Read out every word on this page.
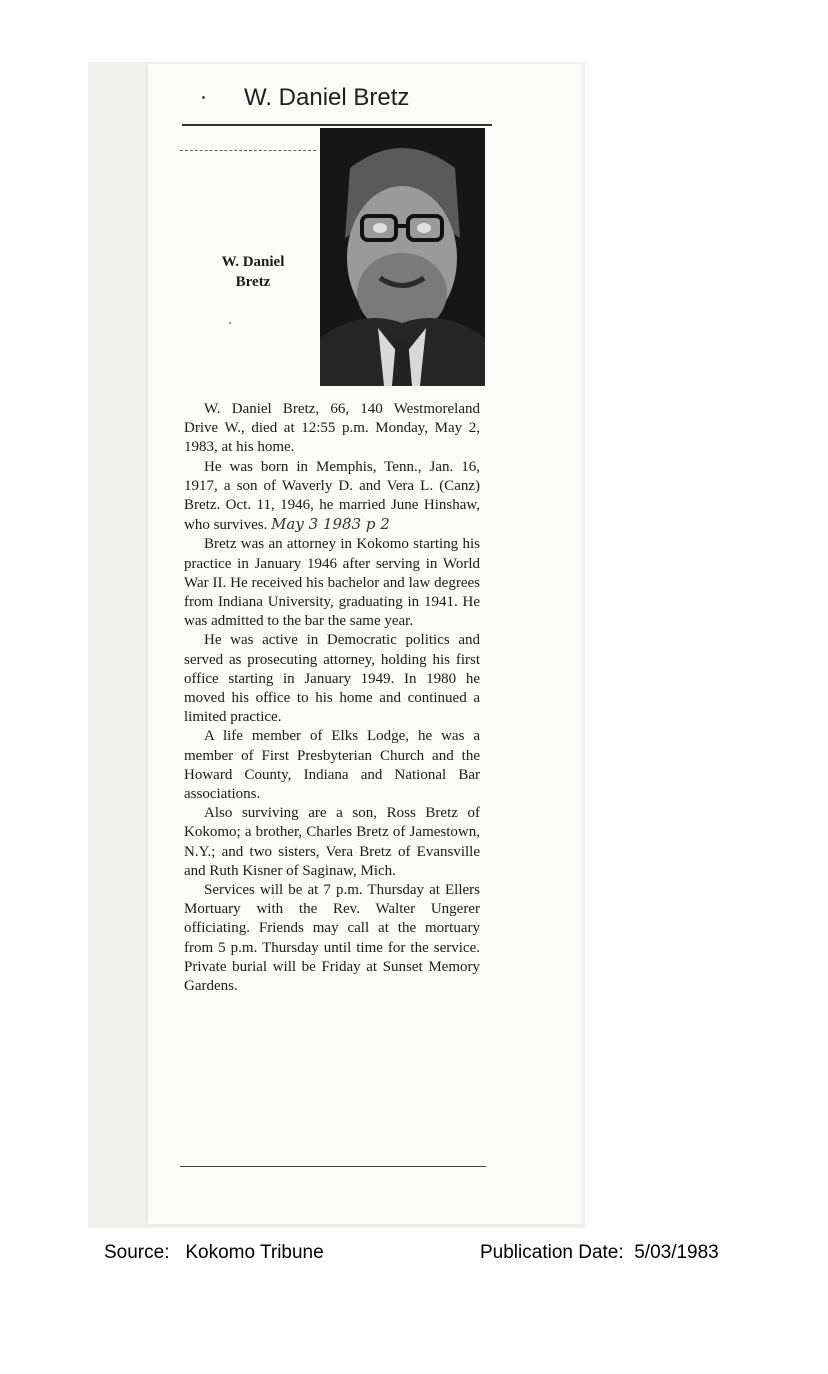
W. Daniel Bretz
W. Daniel
Bretz

W. Daniel Bretz, 66, 140 Westmoreland Drive W., died at 12:55 p.m. Monday, May 2, 1983, at his home.

He was born in Memphis, Tenn., Jan. 16, 1917, a son of Waverly D. and Vera L. (Canz) Bretz. Oct. 11, 1946, he married June Hinshaw, who survives. May 3 1983 p 2

Bretz was an attorney in Kokomo starting his practice in January 1946 after serving in World War II. He received his bachelor and law degrees from Indiana University, graduating in 1941. He was admitted to the bar the same year.

He was active in Democratic politics and served as prosecuting attorney, holding his first office starting in January 1949. In 1980 he moved his office to his home and continued a limited practice.

A life member of Elks Lodge, he was a member of First Presbyterian Church and the Howard County, Indiana and National Bar associations.

Also surviving are a son, Ross Bretz of Kokomo; a brother, Charles Bretz of Jamestown, N.Y.; and two sisters, Vera Bretz of Evansville and Ruth Kisner of Saginaw, Mich.

Services will be at 7 p.m. Thursday at Ellers Mortuary with the Rev. Walter Ungerer officiating. Friends may call at the mortuary from 5 p.m. Thursday until time for the service. Private burial will be Friday at Sunset Memory Gardens.

Source: Kokomo Tribune	Publication Date: 5/03/1983
